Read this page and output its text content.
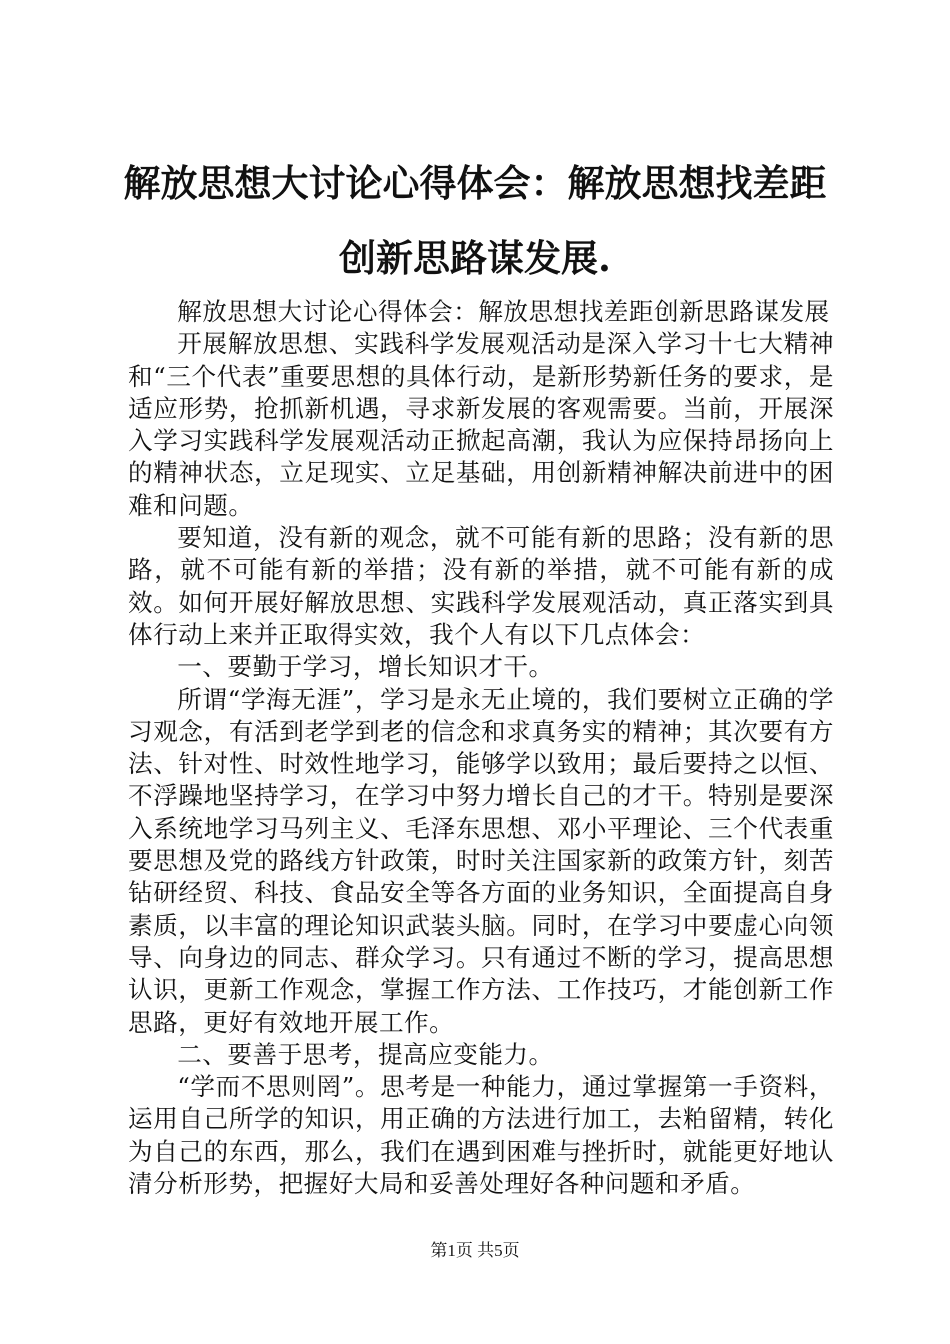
解放思想大讨论心得体会：解放思想找差距创新思路谋发展.

解放思想大讨论心得体会：解放思想找差距创新思路谋发展

开展解放思想、实践科学发展观活动是深入学习十七大精神和“三个代表”重要思想的具体行动，是新形势新任务的要求，是适应形势，抢抓新机遇，寻求新发展的客观需要。当前，开展深入学习实践科学发展观活动正掀起高潮，我认为应保持昂扬向上的精神状态，立足现实、立足基础，用创新精神解决前进中的困难和问题。

要知道，没有新的观念，就不可能有新的思路；没有新的思路，就不可能有新的举措；没有新的举措，就不可能有新的成效。如何开展好解放思想、实践科学发展观活动，真正落实到具体行动上来并正取得实效，我个人有以下几点体会：

一、要勤于学习，增长知识才干。

所谓“学海无涯”，学习是永无止境的，我们要树立正确的学习观念，有活到老学到老的信念和求真务实的精神；其次要有方法、针对性、时效性地学习，能够学以致用；最后要持之以恒、不浮躁地坚持学习，在学习中努力增长自己的才干。特别是要深入系统地学习马列主义、毛泽东思想、邓小平理论、三个代表重要思想及党的路线方针政策，时时关注国家新的政策方针，刻苦钻研经贸、科技、食品安全等各方面的业务知识，全面提高自身素质，以丰富的理论知识武装头脑。同时，在学习中要虚心向领导、向身边的同志、群众学习。只有通过不断的学习，提高思想认识，更新工作观念，掌握工作方法、工作技巧，才能创新工作思路，更好有效地开展工作。

二、要善于思考，提高应变能力。

“学而不思则罔”。思考是一种能力，通过掌握第一手资料，运用自己所学的知识，用正确的方法进行加工，去粕留精，转化为自己的东西，那么，我们在遇到困难与挫折时，就能更好地认清分析形势，把握好大局和妥善处理好各种问题和矛盾。

第1页 共5页
